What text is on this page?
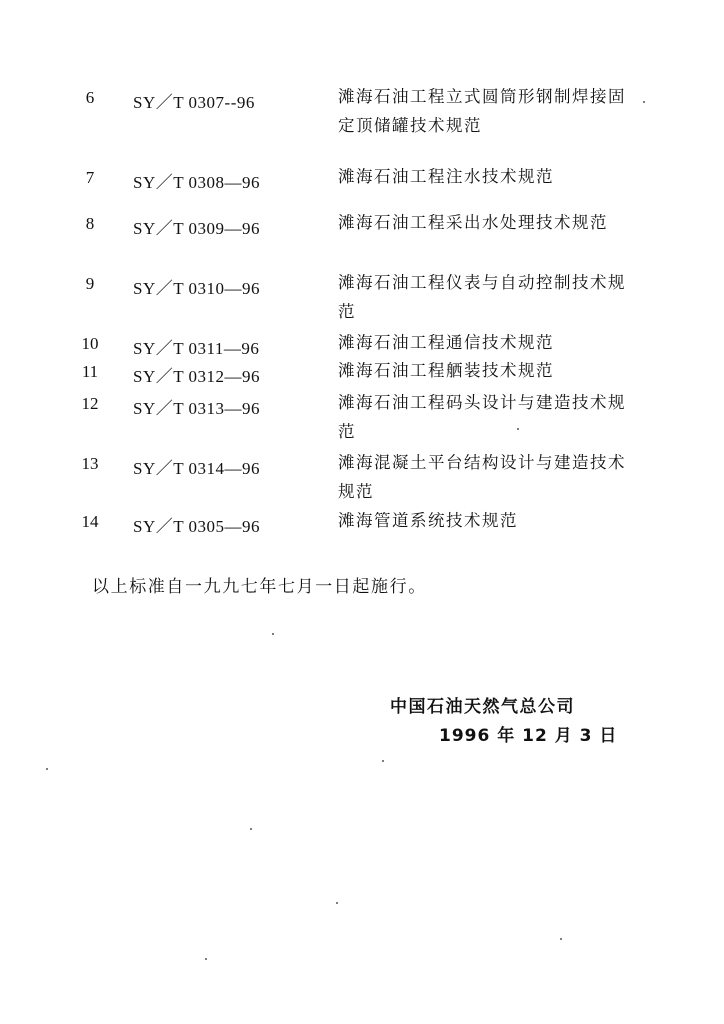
6	SY／T 0307--96	滩海石油工程立式圆筒形钢制焊接固定顶储罐技术规范
7	SY／T 0308—96	滩海石油工程注水技术规范
8	SY／T 0309—96	滩海石油工程采出水处理技术规范
9	SY／T 0310—96	滩海石油工程仪表与自动控制技术规范
10	SY／T 0311—96	滩海石油工程通信技术规范
11	SY／T 0312—96	滩海石油工程舾装技术规范
12	SY／T 0313—96	滩海石油工程码头设计与建造技术规范
13	SY／T 0314—96	滩海混凝土平台结构设计与建造技术规范
14	SY／T 0305—96	滩海管道系统技术规范
以上标准自一九九七年七月一日起施行。
中国石油天然气总公司
1996 年 12 月 3 日
